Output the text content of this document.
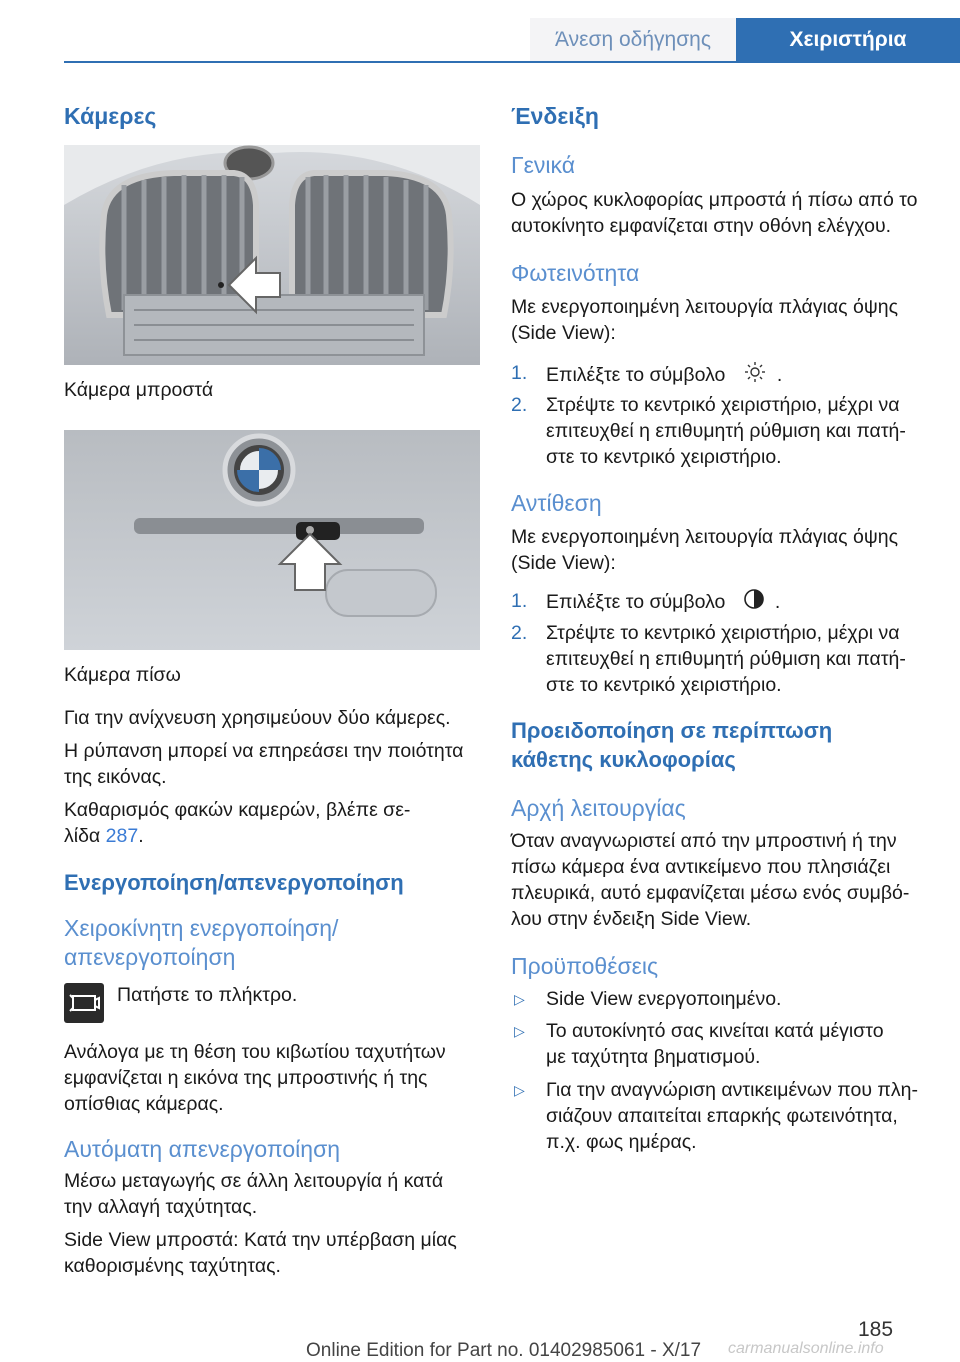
Άνεση οδήγησης	Χειριστήρια
Κάμερες
Κάμερα μπροστά
Κάμερα πίσω
Για την ανίχνευση χρησιμεύουν δύο κάμερες.
Η ρύπανση μπορεί να επηρεάσει την ποιότητα
της εικόνας.
Καθαρισμός φακών καμερών, βλέπε σε‐
λίδα 287.
Ενεργοποίηση/απενεργοποίηση
Χειροκίνητη ενεργοποίηση/
απενεργοποίηση
Πατήστε το πλήκτρο.
Ανάλογα με τη θέση του κιβωτίου ταχυτήτων
εμφανίζεται η εικόνα της μπροστινής ή της
οπίσθιας κάμερας.
Αυτόματη απενεργοποίηση
Μέσω μεταγωγής σε άλλη λειτουργία ή κατά
την αλλαγή ταχύτητας.
Side View μπροστά: Κατά την υπέρβαση μίας
καθορισμένης ταχύτητας.
Ένδειξη
Γενικά
Ο χώρος κυκλοφορίας μπροστά ή πίσω από το
αυτοκίνητο εμφανίζεται στην οθόνη ελέγχου.
Φωτεινότητα
Με ενεργοποιημένη λειτουργία πλάγιας όψης
(Side View):
1. Επιλέξτε το σύμβολο	.
2. Στρέψτε το κεντρικό χειριστήριο, μέχρι να
επιτευχθεί η επιθυμητή ρύθμιση και πατή‐
στε το κεντρικό χειριστήριο.
Αντίθεση
Με ενεργοποιημένη λειτουργία πλάγιας όψης
(Side View):
1. Επιλέξτε το σύμβολο	.
2. Στρέψτε το κεντρικό χειριστήριο, μέχρι να
επιτευχθεί η επιθυμητή ρύθμιση και πατή‐
στε το κεντρικό χειριστήριο.
Προειδοποίηση σε περίπτωση
κάθετης κυκλοφορίας
Αρχή λειτουργίας
Όταν αναγνωριστεί από την μπροστινή ή την
πίσω κάμερα ένα αντικείμενο που πλησιάζει
πλευρικά, αυτό εμφανίζεται μέσω ενός συμβό‐
λου στην ένδειξη Side View.
Προϋποθέσεις
▷ Side View ενεργοποιημένο.
▷ Το αυτοκίνητό σας κινείται κατά μέγιστο
με ταχύτητα βηματισμού.
▷ Για την αναγνώριση αντικειμένων που πλη‐
σιάζουν απαιτείται επαρκής φωτεινότητα,
π.χ. φως ημέρας.
185
Online Edition for Part no. 01402985061 - X/17 carmanualsonline.info
